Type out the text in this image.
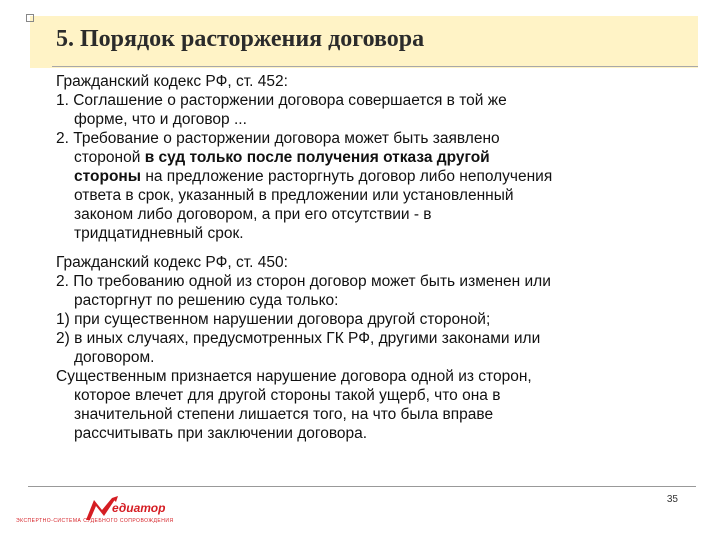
5. Порядок расторжения договора
Гражданский кодекс РФ, ст. 452:
1. Соглашение о расторжении договора совершается в той же
форме, что и договор ...
2. Требование о расторжении договора может быть заявлено
стороной в суд только после получения отказа другой
стороны на предложение расторгнуть договор либо неполучения
ответа в срок, указанный в предложении или установленный
законом либо договором, а при его отсутствии - в
тридцатидневный срок.
Гражданский кодекс РФ, ст. 450:
2. По требованию одной из сторон договор может быть изменен или
расторгнут по решению суда только:
1) при существенном нарушении договора другой стороной;
2) в иных случаях, предусмотренных ГК РФ, другими законами или
договором.
Существенным признается нарушение договора одной из сторон,
которое влечет для другой стороны такой ущерб, что она в
значительной степени лишается того, на что была вправе
рассчитывать при заключении договора.
едиатор
ЭКСПЕРТНО-СИСТЕМА СУДЕБНОГО СОПРОВОЖДЕНИЯ
35
